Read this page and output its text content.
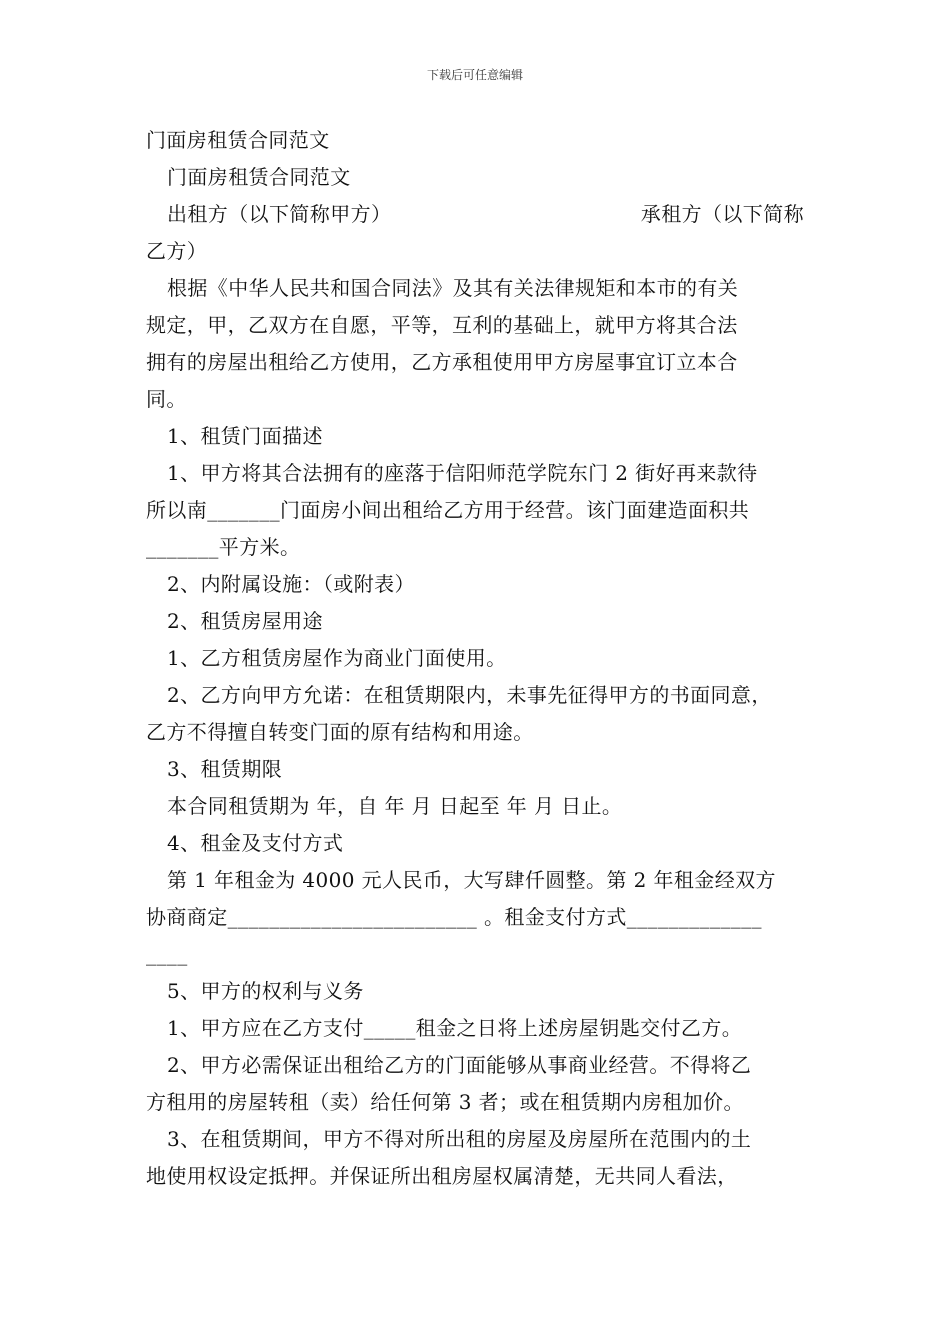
下载后可任意编辑
门面房租赁合同范文
门面房租赁合同范文
出租方（以下简称甲方）	承租方（以下简称
乙方）
根据《中华人民共和国合同法》及其有关法律规矩和本市的有关
规定，甲，乙双方在自愿，平等，互利的基础上，就甲方将其合法
拥有的房屋出租给乙方使用，乙方承租使用甲方房屋事宜订立本合
同。
1、租赁门面描述
1、甲方将其合法拥有的座落于信阳师范学院东门 2 街好再来款待
所以南_______门面房小间出租给乙方用于经营。该门面建造面积共
_______平方米。
2、内附属设施：（或附表）
2、租赁房屋用途
1、乙方租赁房屋作为商业门面使用。
2、乙方向甲方允诺：在租赁期限内，未事先征得甲方的书面同意，
乙方不得擅自转变门面的原有结构和用途。
3、租赁期限
本合同租赁期为 年，自 年 月 日起至 年 月 日止。
4、租金及支付方式
第 1 年租金为 4000 元人民币，大写肆仟圆整。第 2 年租金经双方
协商商定________________________ 。租金支付方式_____________
____
5、甲方的权利与义务
1、甲方应在乙方支付_____租金之日将上述房屋钥匙交付乙方。
2、甲方必需保证出租给乙方的门面能够从事商业经营。不得将乙
方租用的房屋转租（卖）给任何第 3 者；或在租赁期内房租加价。
3、在租赁期间，甲方不得对所出租的房屋及房屋所在范围内的土
地使用权设定抵押。并保证所出租房屋权属清楚，无共同人看法，
